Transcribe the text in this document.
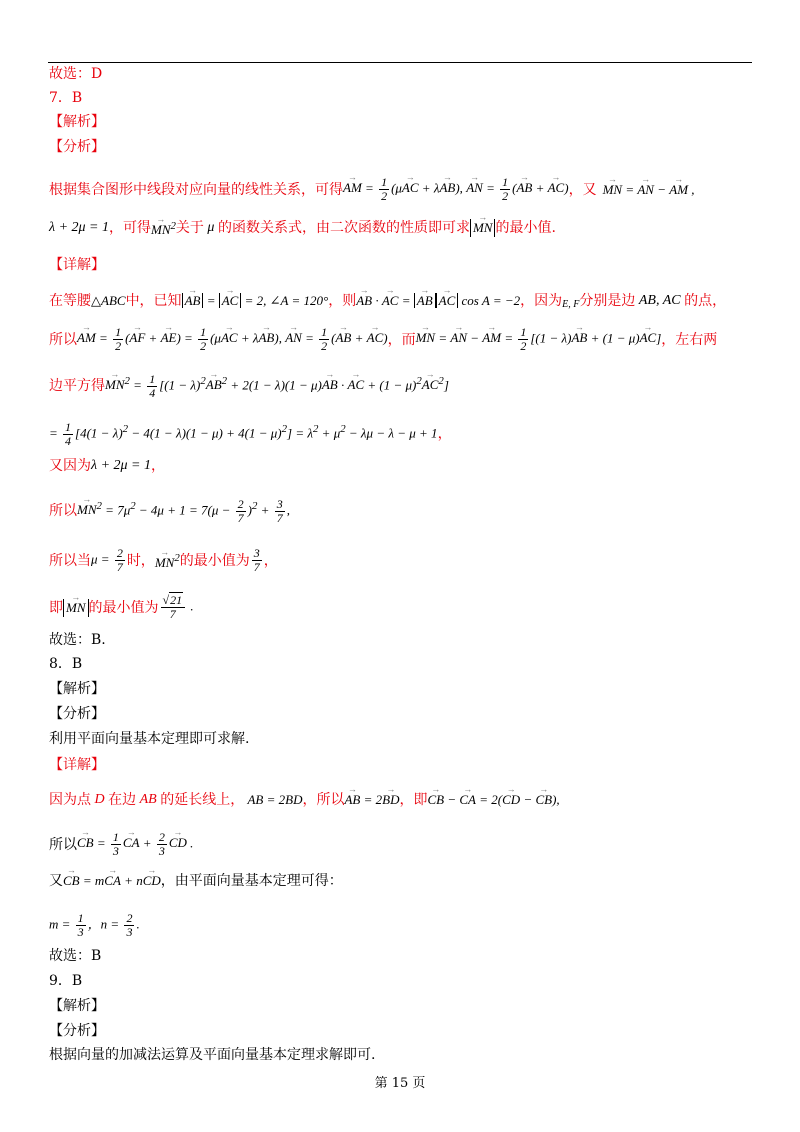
故选：D
7．B
【解析】
【分析】
根据集合图形中线段对应向量的线性关系，可得 → AM = $\frac{1}{2} (\mu\to$ AC + λ→ AB), → AN = $\frac{1}{2}$ (→ AB + → AC) ，又 → MN = → AN − → AM ,
λ + 2μ = 1 ，可得 → $MN^2$ 关于 μ 的函数关系式，由二次函数的性质即可求 → MN 的最小值.
【详解】
在等腰 △ABC 中，已知 → AB = → AC = 2, ∠A = 120° ，则 → AB · → AC = → AB → AC cos A = −2 ，因为 E, F 分别是边 AB, AC 的点，
所以 → AM = $\frac{1}{2}$ (→ AF + → $AE) = \frac{1}{2} (\mu\to$ AC + λ→ AB), → AN = $\frac{1}{2}$ (→ AB + → AC) ，而 → MN = → AN − → AM = $\frac{1}{2} [(1 - \lambda)\to$ AB + (1 − μ)→ AC] ，左右两
边平方得 → $MN^2 = \frac{1}{4} [(1 - \lambda)^2\to AB^2 + 2(1 - \lambda)(1 - \mu)\to$ AB · → AC + $(1 - \mu)^2\to AC^2$]
= $\frac{1}{4} [4(1 - \lambda)^2 - 4(1 - \lambda)(1 - \mu) + 4(1 - \mu)^2] = \lambda^2 + \mu^2 - \lambda\mu - \lambda - \mu + 1$ ，
又因为 λ + 2μ = 1 ，
所以 → $MN^2 = 7\mu^2 - 4\mu + 1 = 7(\mu - \frac{2}{7} )^2 + \frac{3}{7}$ ,
所以当 $\mu = \frac{2}{7}$ 时， → $MN^2$ 的最小值为 $\frac{3}{7}$ ，
即 → MN 的最小值为 $\frac{√21}{7}$ .
故选：B.
8．B
【解析】
【分析】
利用平面向量基本定理即可求解.
【详解】
因为点 D 在边 AB 的延长线上， AB = 2BD ，所以 → AB = 2→ BD ，即 → CB − → CA = 2(→ CD − → CB),
所以 → CB = $\frac{1}{3}$ → CA + $\frac{2}{3}$ → CD .
又 → CB = m→ CA + n→ CD ，由平面向量基本定理可得：
$m = \frac{1}{3}$ ，$n = \frac{2}{3}$ .
故选：B
9．B
【解析】
【分析】
根据向量的加减法运算及平面向量基本定理求解即可.
第 15 页
